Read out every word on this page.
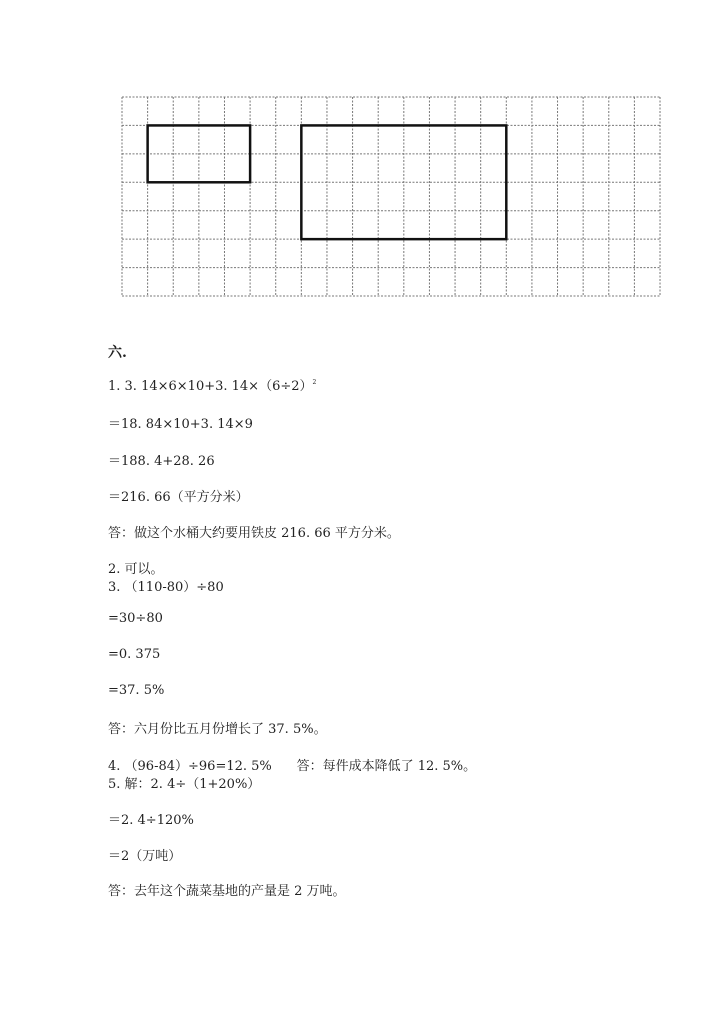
六.
1. 3. 14×6×10+3. $14\times(6\div 2)^2$
＝18. 84×10+3. 14×9
＝188. 4+28. 26
＝216. 66（平方分米）
答：做这个水桶大约要用铁皮 216. 66 平方分米。
2. 可以。
3. （110-80）÷80
=30÷80
=0. 375
=37. 5%
答：六月份比五月份增长了 37. 5%。
4. （96-84）÷96=12. 5%      答：每件成本降低了 12. 5%。
5. 解：2. 4÷（1+20%）
＝2. 4÷120%
＝2（万吨）
答：去年这个蔬菜基地的产量是 2 万吨。
